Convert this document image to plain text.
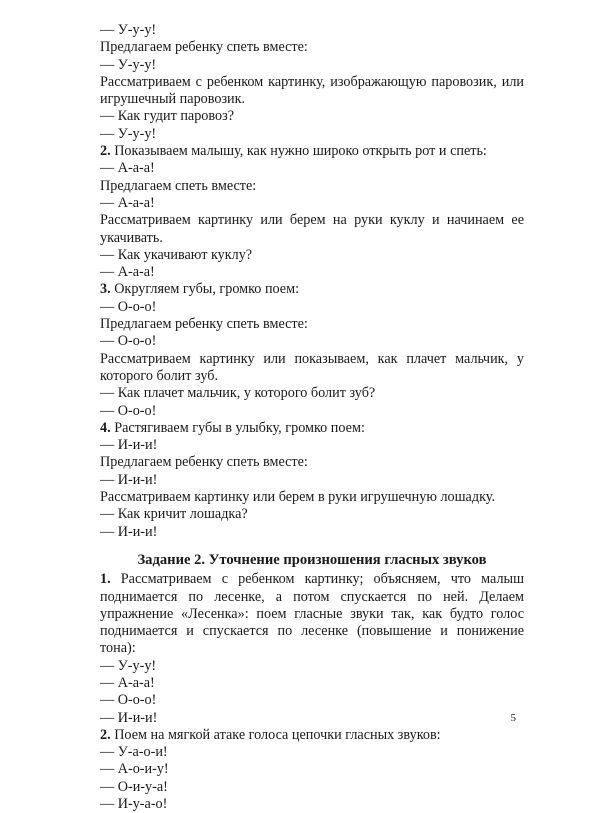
— У-у-у!

Предлагаем ребенку спеть вместе:

— У-у-у!

Рассматриваем с ребенком картинку, изображающую паровозик, или игрушечный паровозик.

— Как гудит паровоз?

— У-у-у!

2. Показываем малышу, как нужно широко открыть рот и спеть:

— А-а-а!

Предлагаем спеть вместе:

— А-а-а!

Рассматриваем картинку или берем на руки куклу и начинаем ее укачивать.

— Как укачивают куклу?

— А-а-а!

3. Округляем губы, громко поем:

— О-о-о!

Предлагаем ребенку спеть вместе:

— О-о-о!

Рассматриваем картинку или показываем, как плачет мальчик, у которого болит зуб.

— Как плачет мальчик, у которого болит зуб?

— О-о-о!

4. Растягиваем губы в улыбку, громко поем:

— И-и-и!

Предлагаем ребенку спеть вместе:

— И-и-и!

Рассматриваем картинку или берем в руки игрушечную лошадку.

— Как кричит лошадка?

— И-и-и!

Задание 2. Уточнение произношения гласных звуков

1. Рассматриваем с ребенком картинку; объясняем, что малыш поднимается по лесенке, а потом спускается по ней. Делаем упражнение «Лесенка»: поем гласные звуки так, как будто голос поднимается и спускается по лесенке (повышение и понижение тона):

— У-у-у!

— А-а-а!

— О-о-о!

— И-и-и!

2. Поем на мягкой атаке голоса цепочки гласных звуков:

— У-а-о-и!

— А-о-и-у!

— О-и-у-а!

— И-у-а-о!

5
